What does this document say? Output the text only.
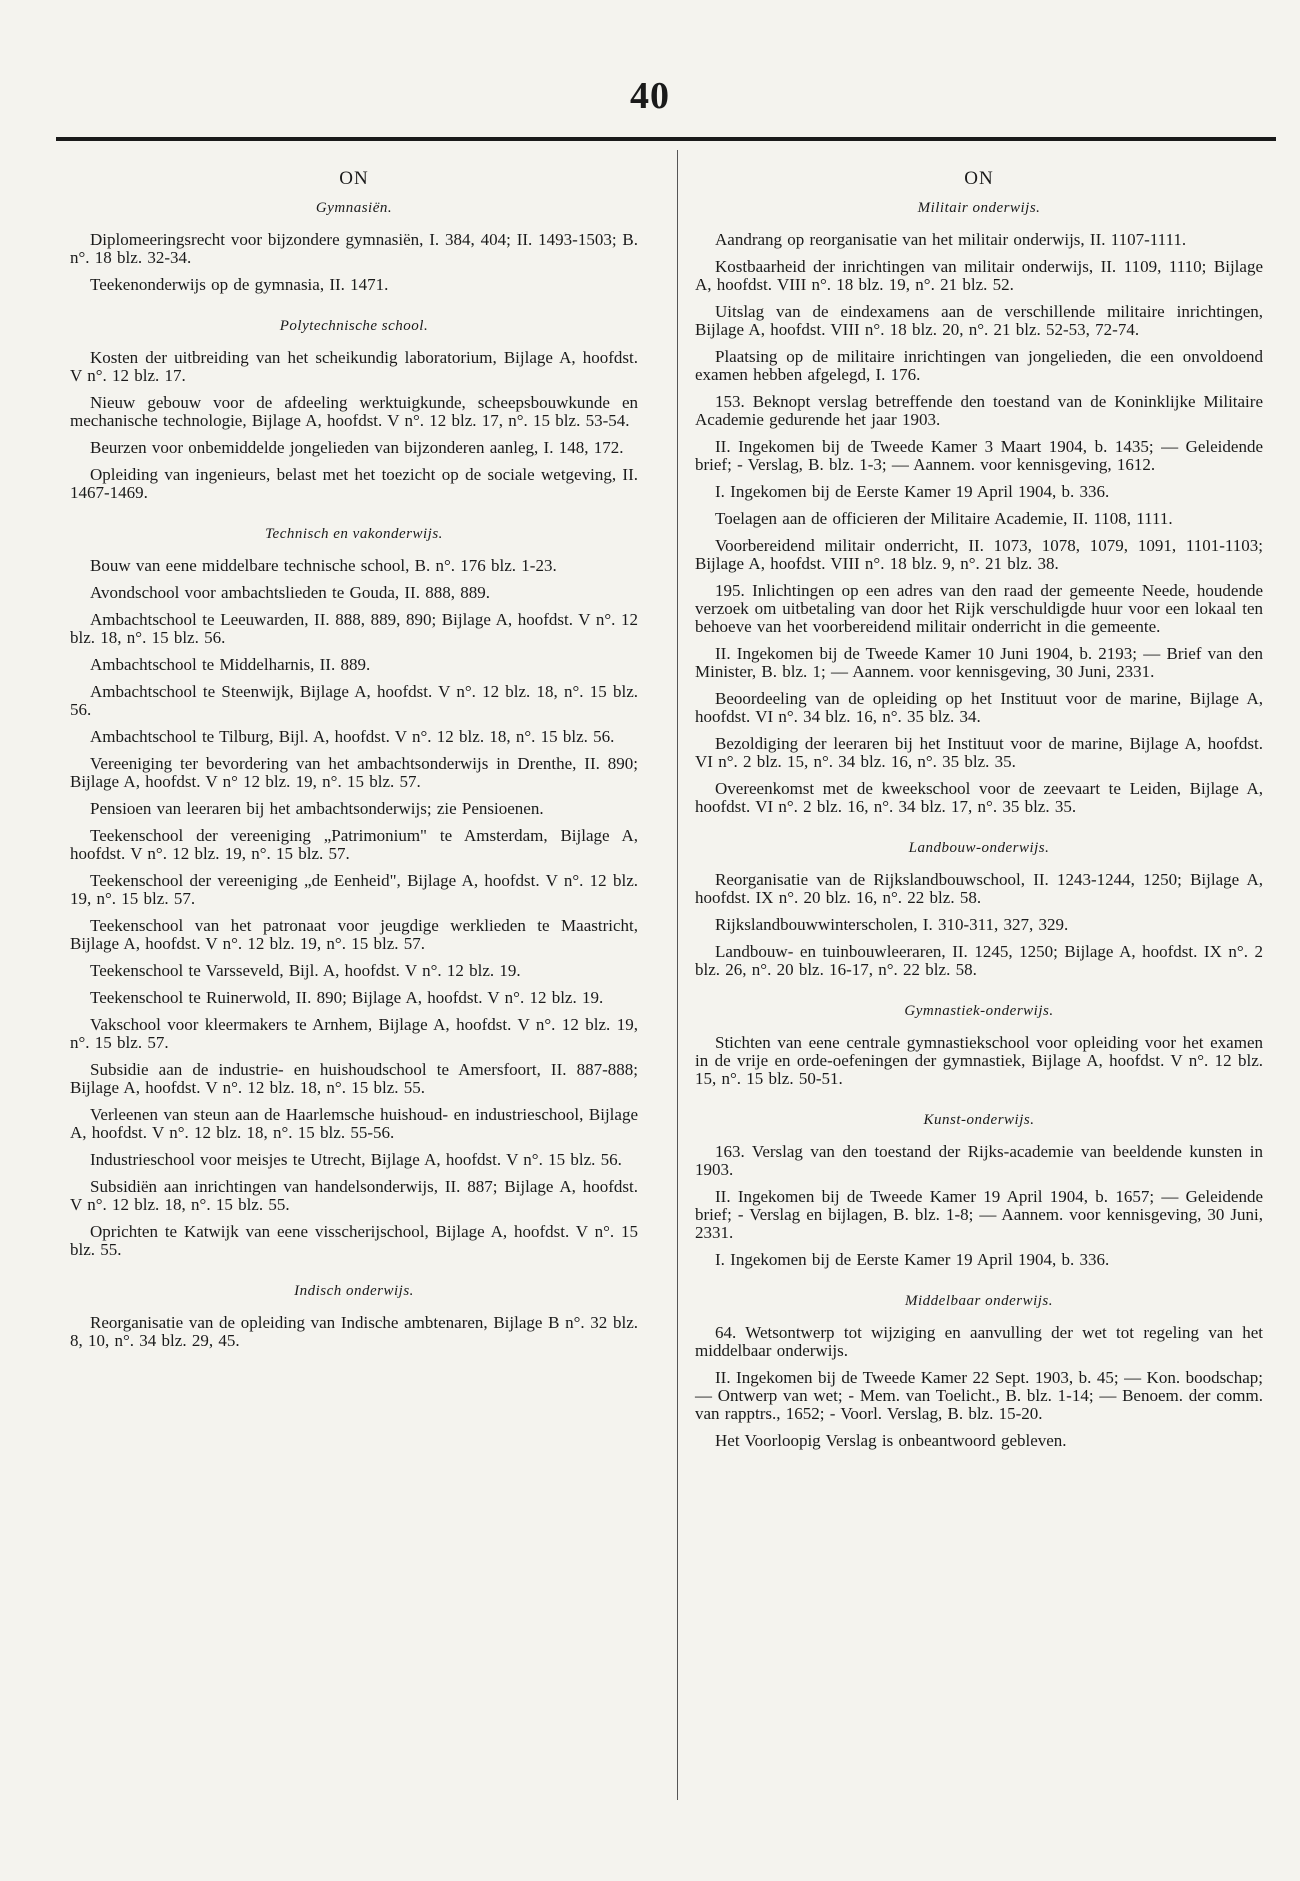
40
ON
Gymnasiën.

Diplomeeringsrecht voor bijzondere gymnasiën, I. 384, 404; II. 1493-1503; B. n°. 18 blz. 32-34.

Teekenonderwijs op de gymnasia, II. 1471.

Polytechnische school.

Kosten der uitbreiding van het scheikundig laboratorium, Bijlage A, hoofdst. V n°. 12 blz. 17.

Nieuw gebouw voor de afdeeling werktuigkunde, scheepsbouwkunde en mechanische technologie, Bijlage A, hoofdst. V n°. 12 blz. 17, n°. 15 blz. 53-54.

Beurzen voor onbemiddelde jongelieden van bijzonderen aanleg, I. 148, 172.

Opleiding van ingenieurs, belast met het toezicht op de sociale wetgeving, II. 1467-1469.

Technisch en vakonderwijs.

Bouw van eene middelbare technische school, B. n°. 176 blz. 1-23.

Avondschool voor ambachtslieden te Gouda, II. 888, 889.

Ambachtschool te Leeuwarden, II. 888, 889, 890; Bijlage A, hoofdst. V n°. 12 blz. 18, n°. 15 blz. 56.

Ambachtschool te Middelharnis, II. 889.

Ambachtschool te Steenwijk, Bijlage A, hoofdst. V n°. 12 blz. 18, n°. 15 blz. 56.

Ambachtschool te Tilburg, Bijl. A, hoofdst. V n°. 12 blz. 18, n°. 15 blz. 56.

Vereeniging ter bevordering van het ambachtsonderwijs in Drenthe, II. 890; Bijlage A, hoofdst. V n° 12 blz. 19, n°. 15 blz. 57.

Pensioen van leeraren bij het ambachtsonderwijs; zie Pensioenen.

Teekenschool der vereeniging „Patrimonium" te Amsterdam, Bijlage A, hoofdst. V n°. 12 blz. 19, n°. 15 blz. 57.

Teekenschool der vereeniging „de Eenheid", Bijlage A, hoofdst. V n°. 12 blz. 19, n°. 15 blz. 57.

Teekenschool van het patronaat voor jeugdige werklieden te Maastricht, Bijlage A, hoofdst. V n°. 12 blz. 19, n°. 15 blz. 57.

Teekenschool te Varsseveld, Bijl. A, hoofdst. V n°. 12 blz. 19.

Teekenschool te Ruinerwold, II. 890; Bijlage A, hoofdst. V n°. 12 blz. 19.

Vakschool voor kleermakers te Arnhem, Bijlage A, hoofdst. V n°. 12 blz. 19, n°. 15 blz. 57.

Subsidie aan de industrie- en huishoudschool te Amersfoort, II. 887-888; Bijlage A, hoofdst. V n°. 12 blz. 18, n°. 15 blz. 55.

Verleenen van steun aan de Haarlemsche huishoud- en industrieschool, Bijlage A, hoofdst. V n°. 12 blz. 18, n°. 15 blz. 55-56.

Industrieschool voor meisjes te Utrecht, Bijlage A, hoofdst. V n°. 15 blz. 56.

Subsidiën aan inrichtingen van handelsonderwijs, II. 887; Bijlage A, hoofdst. V n°. 12 blz. 18, n°. 15 blz. 55.

Oprichten te Katwijk van eene visscherijschool, Bijlage A, hoofdst. V n°. 15 blz. 55.

Indisch onderwijs.

Reorganisatie van de opleiding van Indische ambtenaren, Bijlage B n°. 32 blz. 8, 10, n°. 34 blz. 29, 45.

ON
Militair onderwijs.

Aandrang op reorganisatie van het militair onderwijs, II. 1107-1111.

Kostbaarheid der inrichtingen van militair onderwijs, II. 1109, 1110; Bijlage A, hoofdst. VIII n°. 18 blz. 19, n°. 21 blz. 52.

Uitslag van de eindexamens aan de verschillende militaire inrichtingen, Bijlage A, hoofdst. VIII n°. 18 blz. 20, n°. 21 blz. 52-53, 72-74.

Plaatsing op de militaire inrichtingen van jongelieden, die een onvoldoend examen hebben afgelegd, I. 176.

153. Beknopt verslag betreffende den toestand van de Koninklijke Militaire Academie gedurende het jaar 1903.

II. Ingekomen bij de Tweede Kamer 3 Maart 1904, b. 1435; — Geleidende brief; - Verslag, B. blz. 1-3; — Aannem. voor kennisgeving, 1612.

I. Ingekomen bij de Eerste Kamer 19 April 1904, b. 336.

Toelagen aan de officieren der Militaire Academie, II. 1108, 1111.

Voorbereidend militair onderricht, II. 1073, 1078, 1079, 1091, 1101-1103; Bijlage A, hoofdst. VIII n°. 18 blz. 9, n°. 21 blz. 38.

195. Inlichtingen op een adres van den raad der gemeente Neede, houdende verzoek om uitbetaling van door het Rijk verschuldigde huur voor een lokaal ten behoeve van het voorbereidend militair onderricht in die gemeente.

II. Ingekomen bij de Tweede Kamer 10 Juni 1904, b. 2193; — Brief van den Minister, B. blz. 1; — Aannem. voor kennisgeving, 30 Juni, 2331.

Beoordeeling van de opleiding op het Instituut voor de marine, Bijlage A, hoofdst. VI n°. 34 blz. 16, n°. 35 blz. 34.

Bezoldiging der leeraren bij het Instituut voor de marine, Bijlage A, hoofdst. VI n°. 2 blz. 15, n°. 34 blz. 16, n°. 35 blz. 35.

Overeenkomst met de kweekschool voor de zeevaart te Leiden, Bijlage A, hoofdst. VI n°. 2 blz. 16, n°. 34 blz. 17, n°. 35 blz. 35.

Landbouw-onderwijs.

Reorganisatie van de Rijkslandbouwschool, II. 1243-1244, 1250; Bijlage A, hoofdst. IX n°. 20 blz. 16, n°. 22 blz. 58.

Rijkslandbouwwinterscholen, I. 310-311, 327, 329.

Landbouw- en tuinbouwleeraren, II. 1245, 1250; Bijlage A, hoofdst. IX n°. 2 blz. 26, n°. 20 blz. 16-17, n°. 22 blz. 58.

Gymnastiek-onderwijs.

Stichten van eene centrale gymnastiekschool voor opleiding voor het examen in de vrije en orde-oefeningen der gymnastiek, Bijlage A, hoofdst. V n°. 12 blz. 15, n°. 15 blz. 50-51.

Kunst-onderwijs.

163. Verslag van den toestand der Rijks-academie van beeldende kunsten in 1903.

II. Ingekomen bij de Tweede Kamer 19 April 1904, b. 1657; — Geleidende brief; - Verslag en bijlagen, B. blz. 1-8; — Aannem. voor kennisgeving, 30 Juni, 2331.

I. Ingekomen bij de Eerste Kamer 19 April 1904, b. 336.

Middelbaar onderwijs.

64. Wetsontwerp tot wijziging en aanvulling der wet tot regeling van het middelbaar onderwijs.

II. Ingekomen bij de Tweede Kamer 22 Sept. 1903, b. 45; — Kon. boodschap; — Ontwerp van wet; - Mem. van Toelicht., B. blz. 1-14; — Benoem. der comm. van rapptrs., 1652; - Voorl. Verslag, B. blz. 15-20.

Het Voorloopig Verslag is onbeantwoord gebleven.
